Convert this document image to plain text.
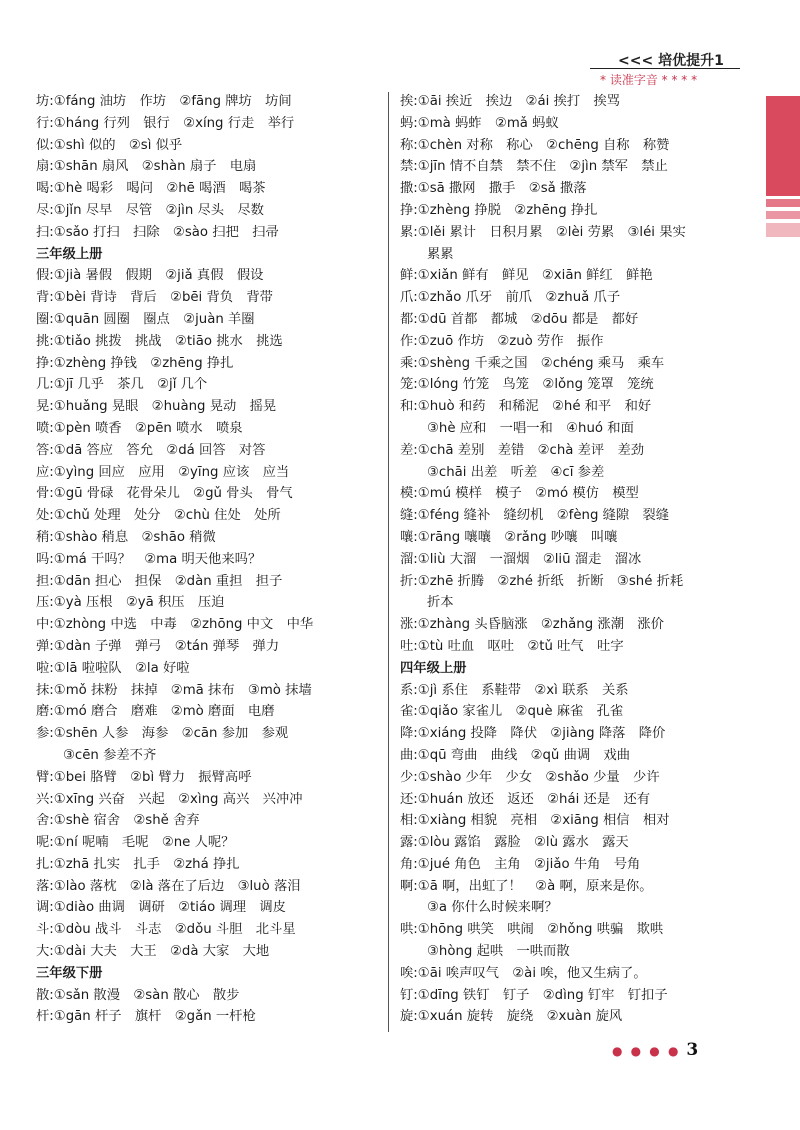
<<< 培优提升1
* 读准字音 * * * *
坊:①fáng 油坊　作坊　②fāng 牌坊　坊间
行:①háng 行列　银行　②xíng 行走　举行
似:①shì 似的　②sì 似乎
扇:①shān 扇风　②shàn 扇子　电扇
喝:①hè 喝彩　喝问　②hē 喝酒　喝茶
尽:①jǐn 尽早　尽管　②jìn 尽头　尽数
扫:①sǎo 打扫　扫除　②sào 扫把　扫帚
三年级上册
假:①jià 暑假　假期　②jiǎ 真假　假设
背:①bèi 背诗　背后　②bēi 背负　背带
圈:①quān 圆圈　圈点　②juàn 羊圈
挑:①tiǎo 挑拨　挑战　②tiāo 挑水　挑选
挣:①zhèng 挣钱　②zhēng 挣扎
几:①jī 几乎　茶几　②jǐ 几个
晃:①huǎng 晃眼　②huàng 晃动　摇晃
喷:①pèn 喷香　②pēn 喷水　喷泉
答:①dā 答应　答允　②dá 回答　对答
应:①yìng 回应　应用　②yīng 应该　应当
骨:①gū 骨碌　花骨朵儿　②gǔ 骨头　骨气
处:①chǔ 处理　处分　②chù 住处　处所
稍:①shào 稍息　②shāo 稍微
吗:①má 干吗？　②ma 明天他来吗？
担:①dān 担心　担保　②dàn 重担　担子
压:①yà 压根　②yā 积压　压迫
中:①zhòng 中选　中毒　②zhōng 中文　中华
弹:①dàn 子弹　弹弓　②tán 弹琴　弹力
啦:①lā 啦啦队　②la 好啦
抹:①mǒ 抹粉　抹掉　②mā 抹布　③mò 抹墙
磨:①mó 磨合　磨难　②mò 磨面　电磨
参:①shēn 人参　海参　②cān 参加　参观
③cēn 参差不齐
臂:①bei 胳臂　②bì 臂力　振臂高呼
兴:①xīng 兴奋　兴起　②xìng 高兴　兴冲冲
舍:①shè 宿舍　②shě 舍弃
呢:①ní 呢喃　毛呢　②ne 人呢？
扎:①zhā 扎实　扎手　②zhá 挣扎
落:①lào 落枕　②là 落在了后边　③luò 落泪
调:①diào 曲调　调研　②tiáo 调理　调皮
斗:①dòu 战斗　斗志　②dǒu 斗胆　北斗星
大:①dài 大夫　大王　②dà 大家　大地
三年级下册
散:①sǎn 散漫　②sàn 散心　散步
杆:①gān 杆子　旗杆　②gǎn 一杆枪
挨:①āi 挨近　挨边　②ái 挨打　挨骂
蚂:①mà 蚂蚱　②mǎ 蚂蚁
称:①chèn 对称　称心　②chēng 自称　称赞
禁:①jīn 情不自禁　禁不住　②jìn 禁军　禁止
撒:①sā 撒网　撒手　②sǎ 撒落
挣:①zhèng 挣脱　②zhēng 挣扎
累:①lěi 累计　日积月累　②lèi 劳累　③léi 果实
累累
鲜:①xiǎn 鲜有　鲜见　②xiān 鲜红　鲜艳
爪:①zhǎo 爪牙　前爪　②zhuǎ 爪子
都:①dū 首都　都城　②dōu 都是　都好
作:①zuō 作坊　②zuò 劳作　振作
乘:①shèng 千乘之国　②chéng 乘马　乘车
笼:①lóng 竹笼　鸟笼　②lǒng 笼罩　笼统
和:①huò 和药　和稀泥　②hé 和平　和好
③hè 应和　一唱一和　④huó 和面
差:①chā 差别　差错　②chà 差评　差劲
③chāi 出差　听差　④cī 参差
模:①mú 模样　模子　②mó 模仿　模型
缝:①féng 缝补　缝纫机　②fèng 缝隙　裂缝
嚷:①rāng 嚷嚷　②rǎng 吵嚷　叫嚷
溜:①liù 大溜　一溜烟　②liū 溜走　溜冰
折:①zhē 折腾　②zhé 折纸　折断　③shé 折耗
折本
涨:①zhàng 头昏脑涨　②zhǎng 涨潮　涨价
吐:①tù 吐血　呕吐　②tǔ 吐气　吐字
四年级上册
系:①jì 系住　系鞋带　②xì 联系　关系
雀:①qiǎo 家雀儿　②què 麻雀　孔雀
降:①xiáng 投降　降伏　②jiàng 降落　降价
曲:①qū 弯曲　曲线　②qǔ 曲调　戏曲
少:①shào 少年　少女　②shǎo 少量　少许
还:①huán 放还　返还　②hái 还是　还有
相:①xiàng 相貌　亮相　②xiāng 相信　相对
露:①lòu 露馅　露脸　②lù 露水　露天
角:①jué 角色　主角　②jiǎo 牛角　号角
啊:①ā 啊，出虹了！　②à 啊，原来是你。
③a 你什么时候来啊？
哄:①hōng 哄笑　哄闹　②hǒng 哄骗　欺哄
③hòng 起哄　一哄而散
唉:①āi 唉声叹气　②ài 唉，他又生病了。
钉:①dīng 铁钉　钉子　②dìng 钉牢　钉扣子
旋:①xuán 旋转　旋绕　②xuàn 旋风
● ● ● ● 3
